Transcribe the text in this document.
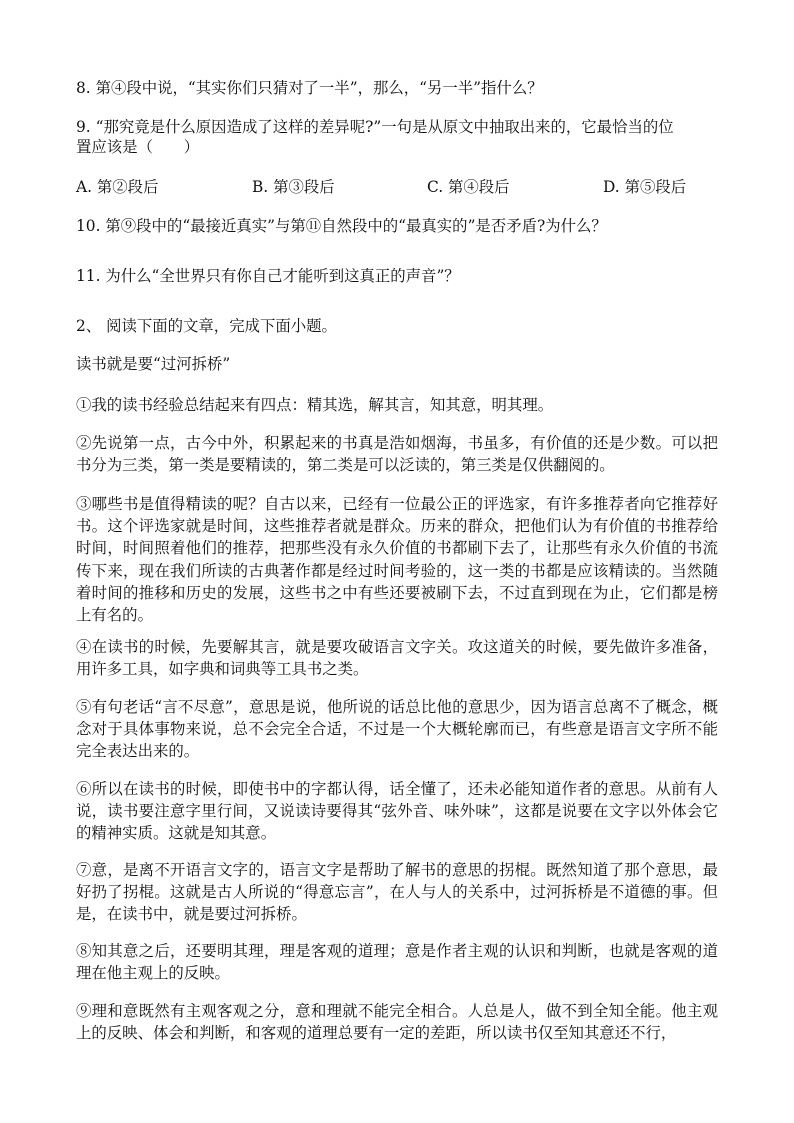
8. 第④段中说，“其实你们只猜对了一半”，那么，“另一半”指什么？
9. “那究竟是什么原因造成了这样的差异呢?”一句是从原文中抽取出来的，它最恰当的位
置应该是（　　）
A. 第②段后	B. 第③段后	C. 第④段后	D. 第⑤段后
10. 第⑨段中的“最接近真实”与第⑪自然段中的“最真实的”是否矛盾?为什么？
11. 为什么“全世界只有你自己才能听到这真正的声音”？
2、 阅读下面的文章，完成下面小题。
读书就是要“过河拆桥”
①我的读书经验总结起来有四点：精其选，解其言，知其意，明其理。
②先说第一点，古今中外，积累起来的书真是浩如烟海，书虽多，有价值的还是少数。可以把书分为三类，第一类是要精读的，第二类是可以泛读的，第三类是仅供翻阅的。
③哪些书是值得精读的呢？自古以来，已经有一位最公正的评选家，有许多推荐者向它推荐好书。这个评选家就是时间，这些推荐者就是群众。历来的群众，把他们认为有价值的书推荐给时间，时间照着他们的推荐，把那些没有永久价值的书都刷下去了，让那些有永久价值的书流传下来，现在我们所读的古典著作都是经过时间考验的，这一类的书都是应该精读的。当然随着时间的推移和历史的发展，这些书之中有些还要被刷下去，不过直到现在为止，它们都是榜上有名的。
④在读书的时候，先要解其言，就是要攻破语言文字关。攻这道关的时候，要先做许多准备，用许多工具，如字典和词典等工具书之类。
⑤有句老话“言不尽意”，意思是说，他所说的话总比他的意思少，因为语言总离不了概念，概念对于具体事物来说，总不会完全合适，不过是一个大概轮廓而已，有些意是语言文字所不能完全表达出来的。
⑥所以在读书的时候，即使书中的字都认得，话全懂了，还未必能知道作者的意思。从前有人说，读书要注意字里行间，又说读诗要得其“弦外音、味外味”，这都是说要在文字以外体会它的精神实质。这就是知其意。
⑦意，是离不开语言文字的，语言文字是帮助了解书的意思的拐棍。既然知道了那个意思，最好扔了拐棍。这就是古人所说的“得意忘言”，在人与人的关系中，过河拆桥是不道德的事。但是，在读书中，就是要过河拆桥。
⑧知其意之后，还要明其理，理是客观的道理；意是作者主观的认识和判断，也就是客观的道理在他主观上的反映。
⑨理和意既然有主观客观之分，意和理就不能完全相合。人总是人，做不到全知全能。他主观上的反映、体会和判断，和客观的道理总要有一定的差距，所以读书仅至知其意还不行，
